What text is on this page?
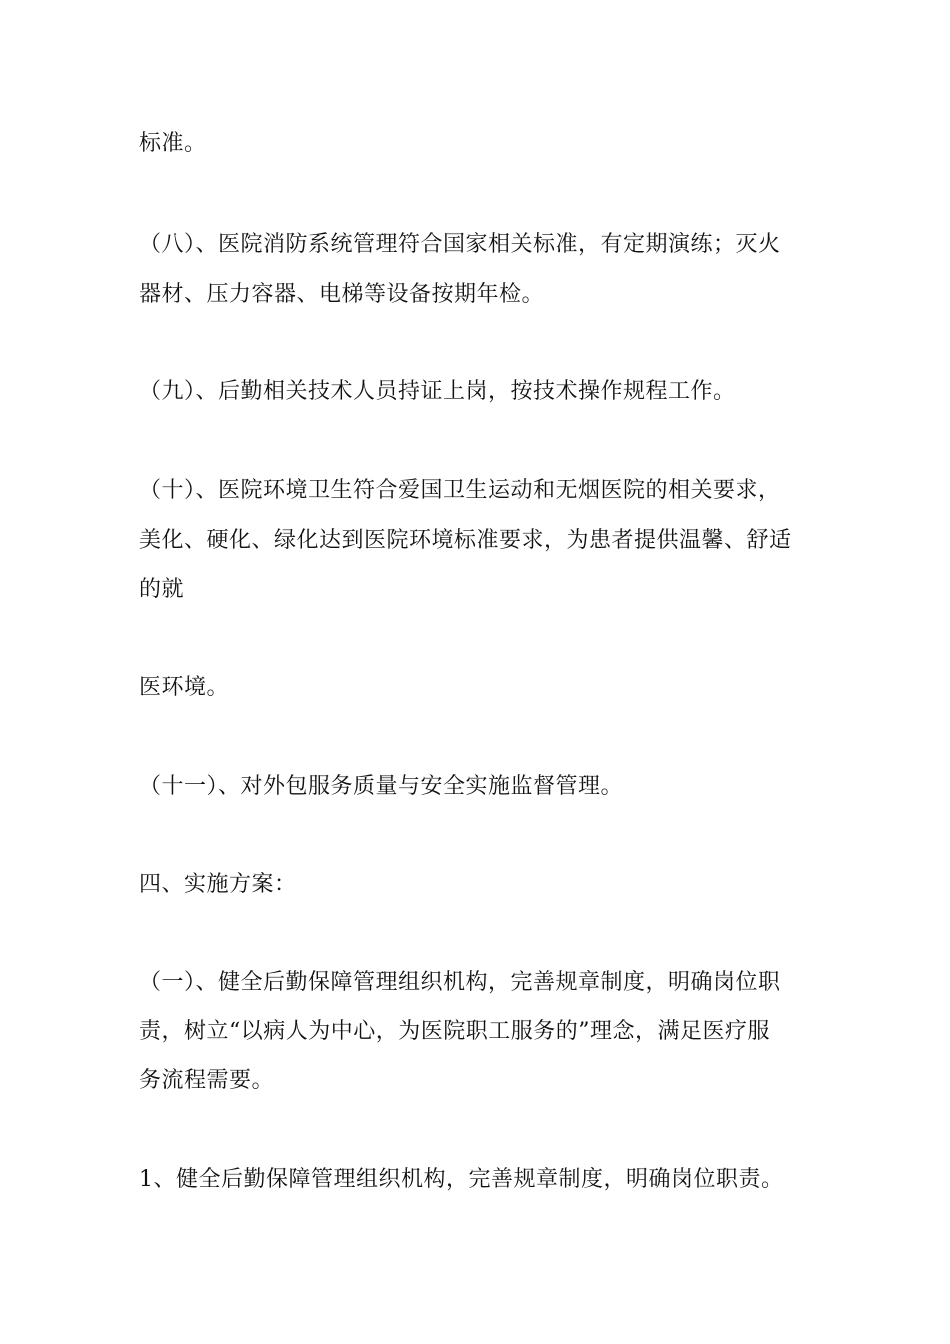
标准。
（八）、医院消防系统管理符合国家相关标准，有定期演练；灭火
器材、压力容器、电梯等设备按期年检。
（九）、后勤相关技术人员持证上岗，按技术操作规程工作。
（十）、医院环境卫生符合爱国卫生运动和无烟医院的相关要求，
美化、硬化、绿化达到医院环境标准要求，为患者提供温馨、舒适
的就
医环境。
（十一）、对外包服务质量与安全实施监督管理。
四、实施方案：
（一）、健全后勤保障管理组织机构，完善规章制度，明确岗位职
责，树立“以病人为中心，为医院职工服务的”理念，满足医疗服
务流程需要。
1、健全后勤保障管理组织机构，完善规章制度，明确岗位职责。
